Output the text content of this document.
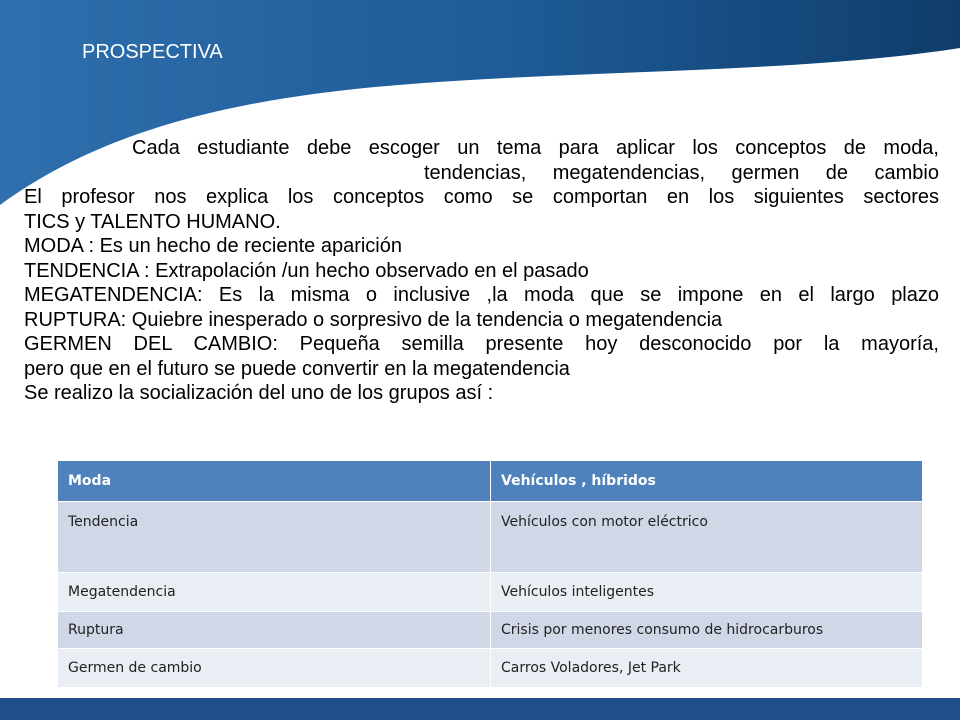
PROSPECTIVA
Cada estudiante debe escoger un tema para aplicar los conceptos de moda,
tendencias, megatendencias, germen de cambio
El profesor nos explica los conceptos como se comportan en los siguientes sectores
TICS y TALENTO HUMANO.
MODA : Es un hecho de reciente aparición
TENDENCIA : Extrapolación /un hecho observado en el pasado
MEGATENDENCIA: Es la misma o inclusive ,la moda que se impone en el largo plazo
RUPTURA: Quiebre inesperado o sorpresivo de la tendencia o megatendencia
GERMEN DEL CAMBIO: Pequeña semilla presente hoy desconocido por la mayoría,
pero que en el futuro se puede convertir en la megatendencia
Se realizo la socialización del uno de los grupos así :
Moda	Vehículos , híbridos
Tendencia	Vehículos con motor eléctrico
Megatendencia	Vehículos inteligentes
Ruptura	Crisis por menores consumo de hidrocarburos
Germen de cambio	Carros Voladores, Jet Park
